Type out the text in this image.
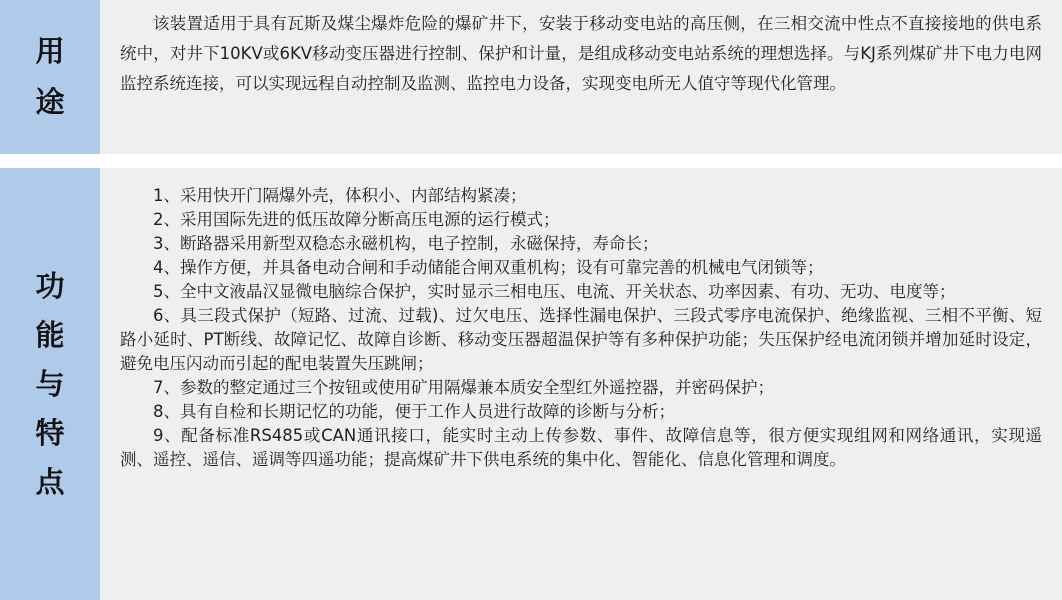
用
途

该装置适用于具有瓦斯及煤尘爆炸危险的爆矿井下，安装于移动变电站的高压侧，在三相交流中性点不直接接地的供电系统中，对井下10KV或6KV移动变压器进行控制、保护和计量，是组成移动变电站系统的理想选择。与KJ系列煤矿井下电力电网监控系统连接，可以实现远程自动控制及监测、监控电力设备，实现变电所无人值守等现代化管理。

功
能
与
特
点

1、采用快开门隔爆外壳，体积小、内部结构紧凑；

2、采用国际先进的低压故障分断高压电源的运行模式；

3、断路器采用新型双稳态永磁机构，电子控制，永磁保持，寿命长；

4、操作方便，并具备电动合闸和手动储能合闸双重机构；设有可靠完善的机械电气闭锁等；

5、全中文液晶汉显微电脑综合保护，实时显示三相电压、电流、开关状态、功率因素、有功、无功、电度等；

6、具三段式保护（短路、过流、过载)、过欠电压、选择性漏电保护、三段式零序电流保护、绝缘监视、三相不平衡、短路小延时、PT断线、故障记忆、故障自诊断、移动变压器超温保护等有多种保护功能；失压保护经电流闭锁并增加延时设定，避免电压闪动而引起的配电装置失压跳闸；

7、参数的整定通过三个按钮或使用矿用隔爆兼本质安全型红外遥控器，并密码保护；

8、具有自检和长期记忆的功能，便于工作人员进行故障的诊断与分析；

9、配备标准RS485或CAN通讯接口，能实时主动上传参数、事件、故障信息等，很方便实现组网和网络通讯，实现遥测、遥控、遥信、遥调等四遥功能；提高煤矿井下供电系统的集中化、智能化、信息化管理和调度。
